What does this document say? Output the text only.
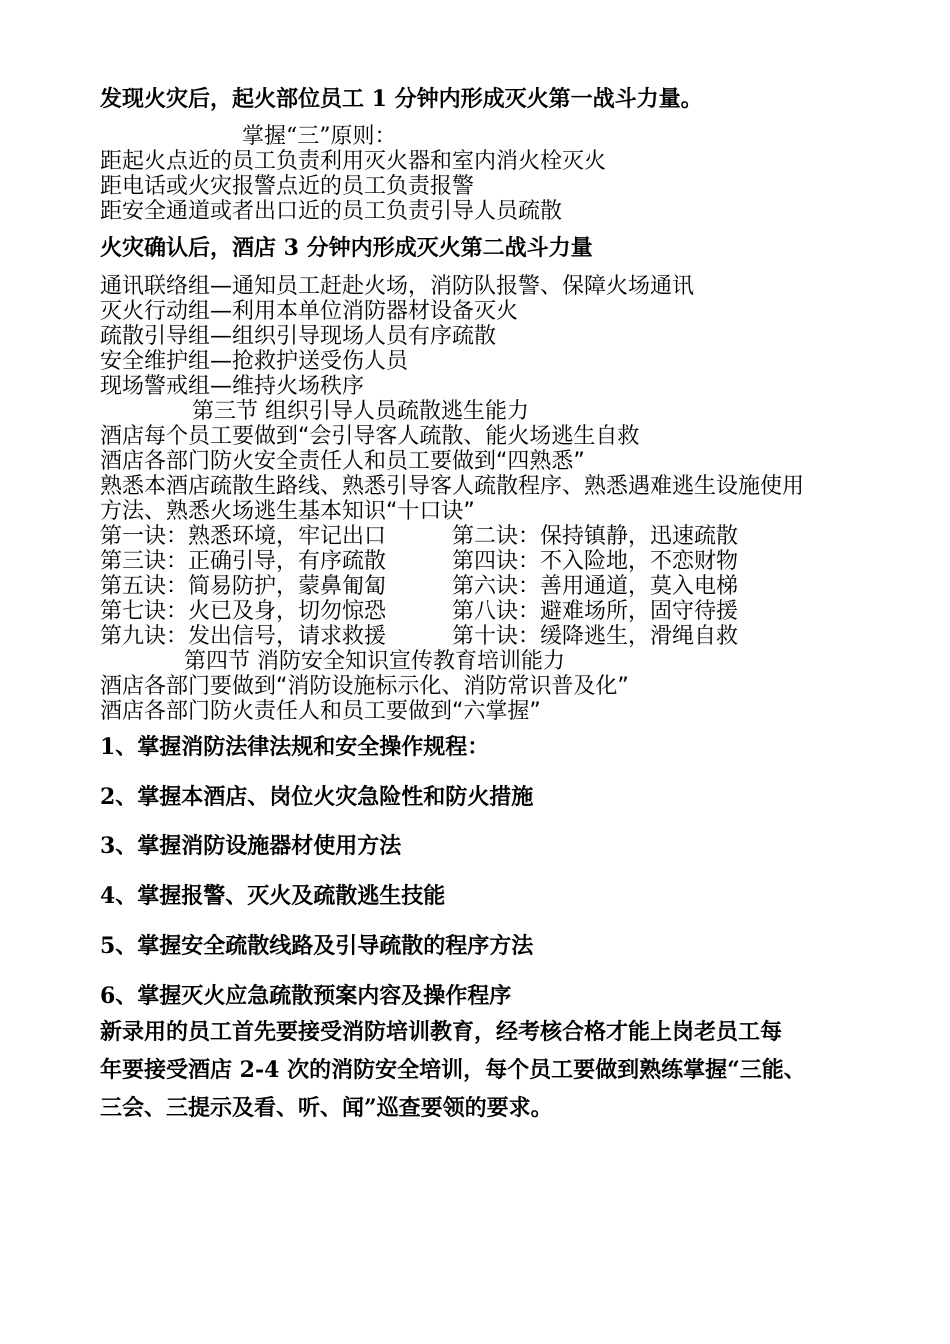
发现火灾后，起火部位员工 1 分钟内形成灭火第一战斗力量。
掌握“三”原则：
距起火点近的员工负责利用灭火器和室内消火栓灭火
距电话或火灾报警点近的员工负责报警
距安全通道或者出口近的员工负责引导人员疏散
火灾确认后，酒店 3 分钟内形成灭火第二战斗力量
通讯联络组—通知员工赶赴火场，消防队报警、保障火场通讯
灭火行动组—利用本单位消防器材设备灭火
疏散引导组—组织引导现场人员有序疏散
安全维护组—抢救护送受伤人员
现场警戒组—维持火场秩序
第三节 组织引导人员疏散逃生能力
酒店每个员工要做到“会引导客人疏散、能火场逃生自救
酒店各部门防火安全责任人和员工要做到“四熟悉”
熟悉本酒店疏散生路线、熟悉引导客人疏散程序、熟悉遇难逃生设施使用
方法、熟悉火场逃生基本知识“十口诀”
第一诀：熟悉环境，牢记出口	第二诀：保持镇静，迅速疏散
第三诀：正确引导，有序疏散	第四诀：不入险地，不恋财物
第五诀：简易防护，蒙鼻匍匐	第六诀：善用通道，莫入电梯
第七诀：火已及身，切勿惊恐	第八诀：避难场所，固守待援
第九诀：发出信号，请求救援	第十诀：缓降逃生，滑绳自救
第四节 消防安全知识宣传教育培训能力
酒店各部门要做到“消防设施标示化、消防常识普及化”
酒店各部门防火责任人和员工要做到“六掌握”
1、掌握消防法律法规和安全操作规程：
2、掌握本酒店、岗位火灾急险性和防火措施
3、掌握消防设施器材使用方法
4、掌握报警、灭火及疏散逃生技能
5、掌握安全疏散线路及引导疏散的程序方法
6、掌握灭火应急疏散预案内容及操作程序
新录用的员工首先要接受消防培训教育，经考核合格才能上岗老员工每
年要接受酒店 2-4 次的消防安全培训，每个员工要做到熟练掌握“三能、
三会、三提示及看、听、闻”巡查要领的要求。
